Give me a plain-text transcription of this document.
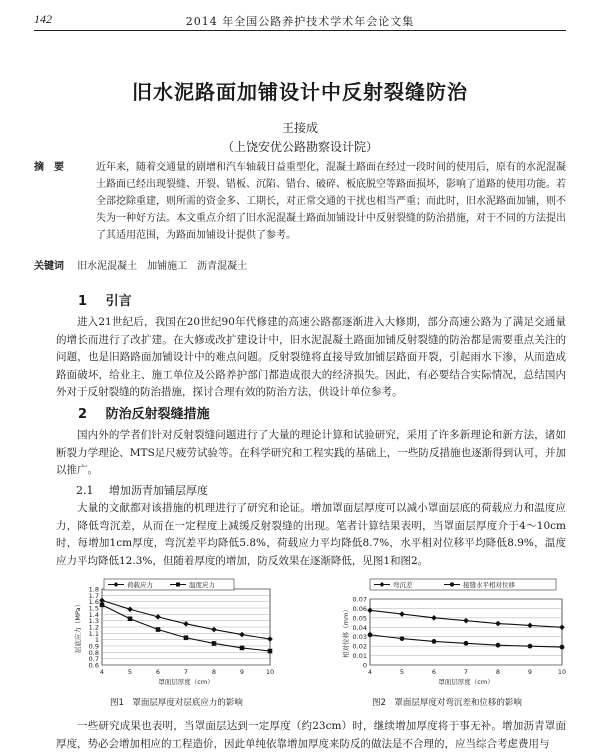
142	2014 年全国公路养护技术学术年会论文集
旧水泥路面加铺设计中反射裂缝防治
王接成
（上饶安优公路勘察设计院）
摘　要	近年来，随着交通量的剧增和汽车轴载日益重型化，混凝土路面在经过一段时间的使用后，原有的水泥混凝土路面已经出现裂缝、开裂、错板、沉陷、错台、破碎、板底脱空等路面损坏，影响了道路的使用功能。若全部挖除重建，则所需的资金多、工期长，对正常交通的干扰也相当严重；而此时，旧水泥路面加铺，则不失为一种好方法。本文重点介绍了旧水泥混凝土路面加铺设计中反射裂缝的防治措施，对于不同的方法提出了其适用范围，为路面加铺设计提供了参考。
关键词 旧水泥混凝土　加铺施工　沥青混凝土
1 引言
进入21世纪后，我国在20世纪90年代修建的高速公路都逐渐进入大修期，部分高速公路为了满足交通量的增长而进行了改扩建。在大修或改扩建设计中，旧水泥混凝土路面加铺反射裂缝的防治都是需要重点关注的问题，也是旧路路面加铺设计中的难点问题。反射裂缝将直接导致加铺层路面开裂，引起雨水下渗，从而造成路面破坏，给业主、施工单位及公路养护部门都造成很大的经济损失。因此，有必要结合实际情况，总结国内外对于反射裂缝的防治措施，探讨合理有效的防治方法，供设计单位参考。
2 防治反射裂缝措施
国内外的学者们针对反射裂缝问题进行了大量的理论计算和试验研究，采用了许多新理论和新方法，诸如断裂力学理论、MTS足尺疲劳试验等。在科学研究和工程实践的基础上，一些防反措施也逐渐得到认可，并加以推广。
2.1 增加沥青加铺层厚度
大量的文献都对该措施的机理进行了研究和论证。增加罩面层厚度可以减小罩面层底的荷载应力和温度应力，降低弯沉差，从而在一定程度上减缓反射裂缝的出现。笔者计算结果表明，当罩面层厚度介于4～10cm时，每增加1cm厚度，弯沉差平均降低5.8%，荷载应力平均降低8.7%，水平相对位移平均降低8.9%，温度应力平均降低12.3%，但随着厚度的增加，防反效果在逐渐降低，见图1和图2。
0.6
0.7
0.8
0.9
1
1.1
1.2
1.3
1.4
1.5
1.6
1.7
1.8
4	5	6	7	8	9	10
罩面层厚度（cm）
层底应力（MPa）
荷载应力	温度应力
0
0.01
0.02
0.03
0.04
0.05
0.06
0.07
4	5	6	7	8	9	10
罩面层厚度（cm）
相对位移（mm）
弯沉差	接缝水平相对位移
图1　罩面层厚度对层底应力的影响	图2　罩面层厚度对弯沉差和位移的影响
一些研究成果也表明，当罩面层达到一定厚度（约23cm）时，继续增加厚度将于事无补。增加沥青罩面厚度，势必会增加相应的工程造价，因此单纯依靠增加厚度来防反的做法是不合理的，应当综合考虑费用与
